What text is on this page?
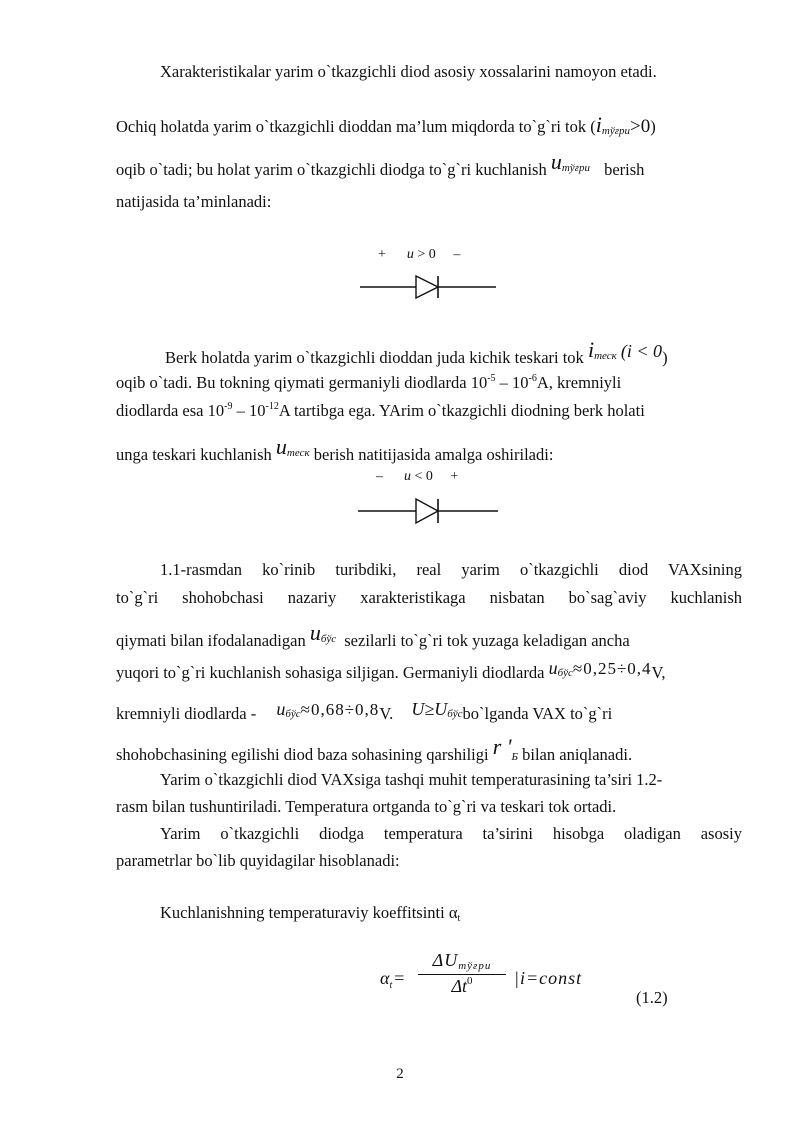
Xarakteristikalar yarim o`tkazgichli diod asosiy xossalarini namoyon etadi.
Ochiq holatda yarim o`tkazgichli dioddan ma’lum miqdorda to`g`ri tok (iтўғри>0)
oqib o`tadi; bu holat yarim o`tkazgichli diodga to`g`ri kuchlanish $u^{тўғри}$ berish
natijasida ta’minlanadi:
+ u > 0 –
Berk holatda yarim o`tkazgichli dioddan juda kichik teskari tok $i^{теск}$ (i < 0)
oqib o`tadi. Bu tokning qiymati germaniyli diodlarda $10^{-5} - 10^{-6}A$, kremniyli
diodlarda esa $10^{-9} - 10^{-12}A$ tartibga ega. YArim o`tkazgichli diodning berk holati
unga teskari kuchlanish $u^{теск}$ berish natitijasida amalga oshiriladi:
– u < 0 +
1.1-rasmdan ko`rinib turibdiki, real yarim o`tkazgichli diod VAXsining
to`g`ri shohobchasi nazariy xarakteristikaga nisbatan bo`sag`aviy kuchlanish
qiymati bilan ifodalanadigan $u^{бўс}$ sezilarli to`g`ri tok yuzaga keladigan ancha
yuqori to`g`ri kuchlanish sohasiga siljigan. Germaniyli diodlarda uбўс≈0,25÷0,4V,
kremniyli diodlarda - uбўс≈0,68÷0,8V. U≥Uбўсbo`lganda VAX to`g`ri
shohobchasining egilishi diod baza sohasining qarshiligi r 'Б bilan aniqlanadi.
Yarim o`tkazgichli diod VAXsiga tashqi muhit temperaturasining ta’siri 1.2-
rasm bilan tushuntiriladi. Temperatura ortganda to`g`ri va teskari tok ortadi.
Yarim o`tkazgichli diodga temperatura ta’sirini hisobga oladigan asosiy
parametrlar bo`lib quyidagilar hisoblanadi:
Kuchlanishning temperaturaviy koeffitsinti αt
$\alpha_t$ =
ΔUтўғри
$\Delta t^0$	|i=const
(1.2)
2
